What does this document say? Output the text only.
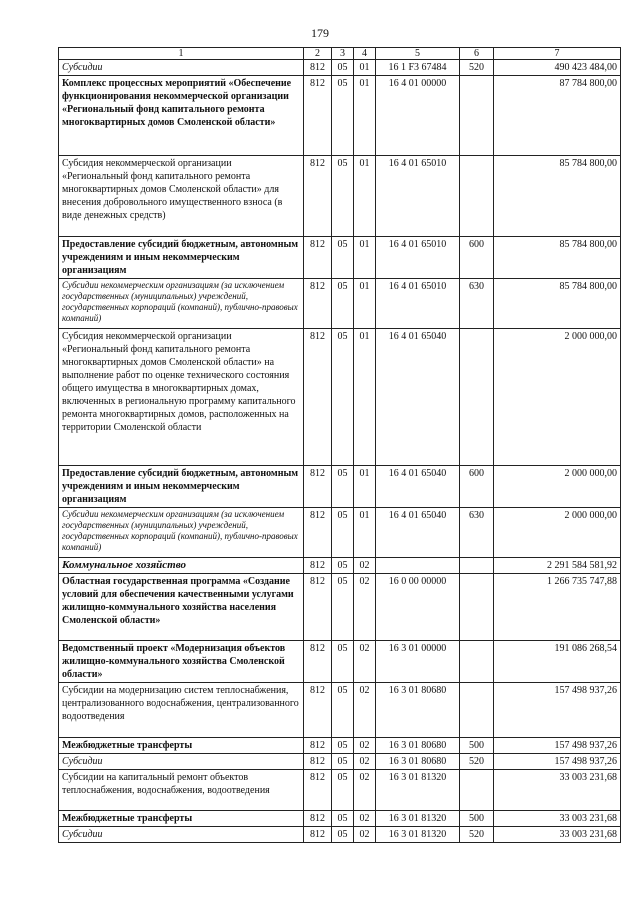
179
1	2	3	4	5	6	7
Субсидии	812	05	01	16 1 F3 67484	520	490 423 484,00
Комплекс процессных мероприятий «Обеспечение функционирования некоммерческой организации «Региональный фонд капитального ремонта многоквартирных домов Смоленской области»	812	05	01	16 4 01 00000		87 784 800,00
Субсидия некоммерческой организации «Региональный фонд капитального ремонта многоквартирных домов Смоленской области» для внесения добровольного имущественного взноса (в виде денежных средств)	812	05	01	16 4 01 65010		85 784 800,00
Предоставление субсидий бюджетным, автономным учреждениям и иным некоммерческим организациям	812	05	01	16 4 01 65010	600	85 784 800,00
Субсидии некоммерческим организациям (за исключением государственных (муниципальных) учреждений, государственных корпораций (компаний), публично-правовых компаний)	812	05	01	16 4 01 65010	630	85 784 800,00
Субсидия некоммерческой организации «Региональный фонд капитального ремонта многоквартирных домов Смоленской области» на выполнение работ по оценке технического состояния общего имущества в многоквартирных домах, включенных в региональную программу капитального ремонта многоквартирных домов, расположенных на территории Смоленской области	812	05	01	16 4 01 65040		2 000 000,00
Предоставление субсидий бюджетным, автономным учреждениям и иным некоммерческим организациям	812	05	01	16 4 01 65040	600	2 000 000,00
Субсидии некоммерческим организациям (за исключением государственных (муниципальных) учреждений, государственных корпораций (компаний), публично-правовых компаний)	812	05	01	16 4 01 65040	630	2 000 000,00
Коммунальное хозяйство	812	05	02			2 291 584 581,92
Областная государственная программа «Создание условий для обеспечения качественными услугами жилищно-коммунального хозяйства населения Смоленской области»	812	05	02	16 0 00 00000		1 266 735 747,88
Ведомственный проект «Модернизация объектов жилищно-коммунального хозяйства Смоленской области»	812	05	02	16 3 01 00000		191 086 268,54
Субсидии на модернизацию систем теплоснабжения, централизованного водоснабжения, централизованного водоотведения	812	05	02	16 3 01 80680		157 498 937,26
Межбюджетные трансферты	812	05	02	16 3 01 80680	500	157 498 937,26
Субсидии	812	05	02	16 3 01 80680	520	157 498 937,26
Субсидии на капитальный ремонт объектов теплоснабжения, водоснабжения, водоотведения	812	05	02	16 3 01 81320		33 003 231,68
Межбюджетные трансферты	812	05	02	16 3 01 81320	500	33 003 231,68
Субсидии	812	05	02	16 3 01 81320	520	33 003 231,68
